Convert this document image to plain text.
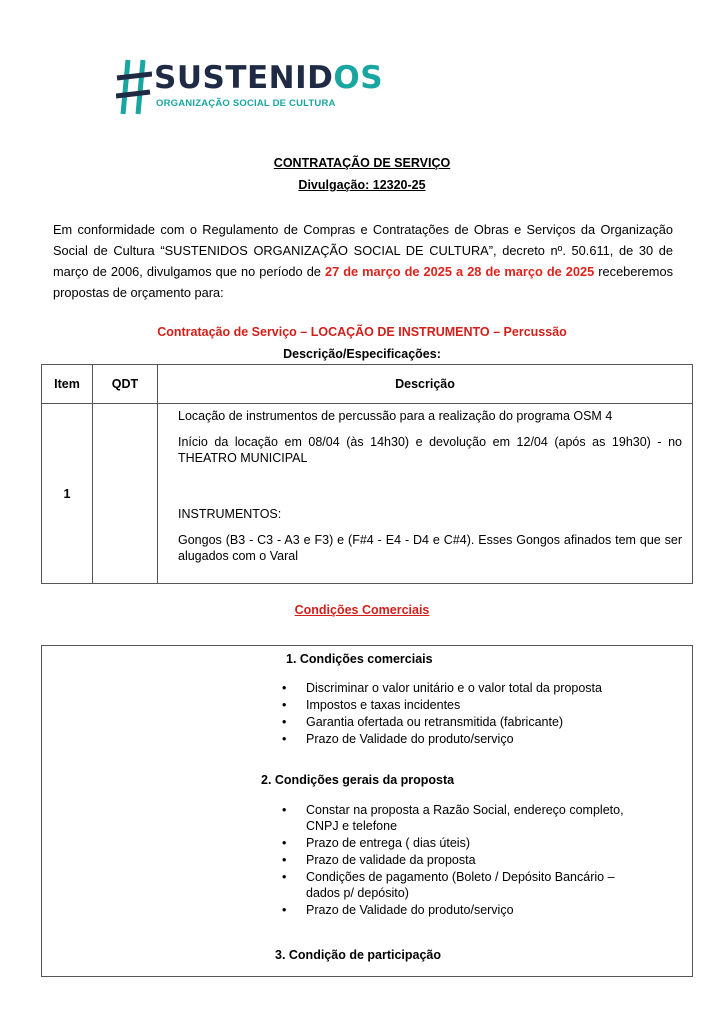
SUSTENIDOS
ORGANIZAÇÃO SOCIAL DE CULTURA
CONTRATAÇÃO DE SERVIÇO
Divulgação: 12320-25
Em conformidade com o Regulamento de Compras e Contratações de Obras e Serviços da Organização Social de Cultura “SUSTENIDOS ORGANIZAÇÃO SOCIAL DE CULTURA”, decreto nº. 50.611, de 30 de março de 2006, divulgamos que no período de 27 de março de 2025 a 28 de março de 2025 receberemos propostas de orçamento para:
Contratação de Serviço – LOCAÇÃO DE INSTRUMENTO – Percussão
Descrição/Especificações:
Item	QDT	Descrição
1		Locação de instrumentos de percussão para a realização do programa OSM 4

Início da locação em 08/04 (às 14h30) e devolução em 12/04 (após as 19h30) - no THEATRO MUNICIPAL

INSTRUMENTOS:

Gongos (B3 - C3 - A3 e F3) e (F#4 - E4 - D4 e C#4). Esses Gongos afinados tem que ser alugados com o Varal

Condições Comerciais
1. Condições comerciais
• Discriminar o valor unitário e o valor total da proposta
• Impostos e taxas incidentes
• Garantia ofertada ou retransmitida (fabricante)
• Prazo de Validade do produto/serviço
2. Condições gerais da proposta
• Constar na proposta a Razão Social, endereço completo, CNPJ e telefone
• Prazo de entrega ( dias úteis)
• Prazo de validade da proposta
• Condições de pagamento (Boleto / Depósito Bancário – dados p/ depósito)
• Prazo de Validade do produto/serviço
3. Condição de participação
